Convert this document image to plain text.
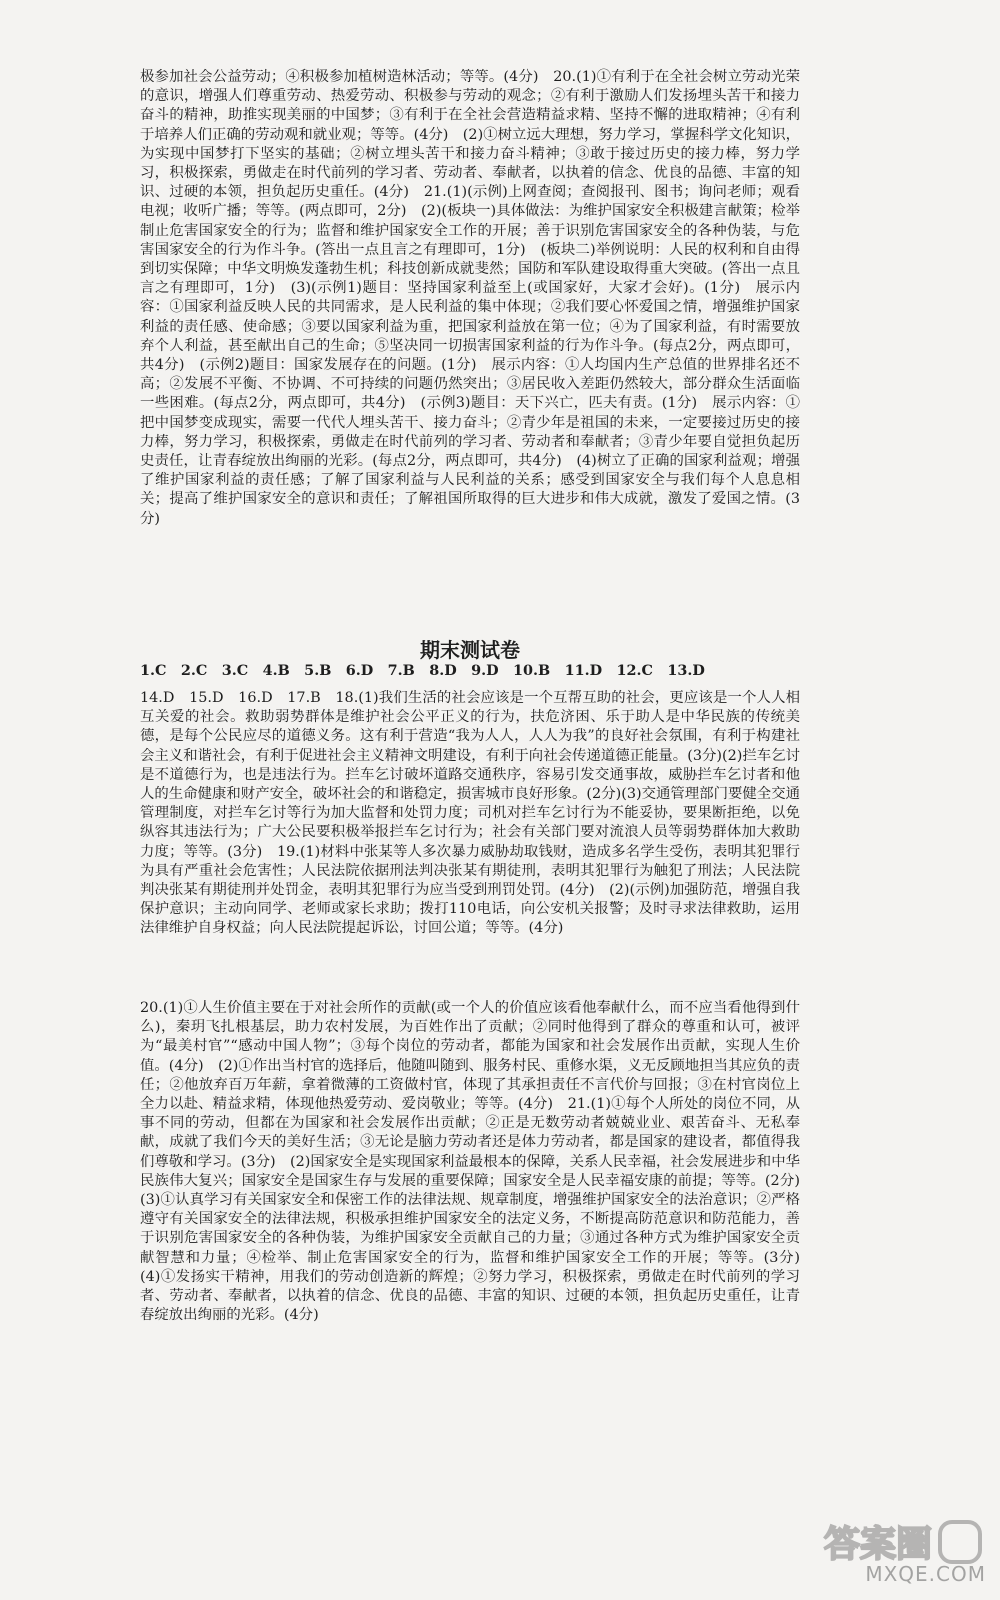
极参加社会公益劳动；④积极参加植树造林活动；等等。(4分)　20.(1)①有利于在全社会树立劳动光荣的意识，增强人们尊重劳动、热爱劳动、积极参与劳动的观念；②有利于激励人们发扬埋头苦干和接力奋斗的精神，助推实现美丽的中国梦；③有利于在全社会营造精益求精、坚持不懈的进取精神；④有利于培养人们正确的劳动观和就业观；等等。(4分)　(2)①树立远大理想，努力学习，掌握科学文化知识，为实现中国梦打下坚实的基础；②树立埋头苦干和接力奋斗精神；③敢于接过历史的接力棒，努力学习，积极探索，勇做走在时代前列的学习者、劳动者、奉献者，以执着的信念、优良的品德、丰富的知识、过硬的本领，担负起历史重任。(4分)　21.(1)(示例)上网查阅；查阅报刊、图书；询问老师；观看电视；收听广播；等等。(两点即可，2分)　(2)(板块一)具体做法：为维护国家安全积极建言献策；检举制止危害国家安全的行为；监督和维护国家安全工作的开展；善于识别危害国家安全的各种伪装，与危害国家安全的行为作斗争。(答出一点且言之有理即可，1分)　(板块二)举例说明：人民的权利和自由得到切实保障；中华文明焕发蓬勃生机；科技创新成就斐然；国防和军队建设取得重大突破。(答出一点且言之有理即可，1分)　(3)(示例1)题目：坚持国家利益至上(或国家好，大家才会好)。(1分)　展示内容：①国家利益反映人民的共同需求，是人民利益的集中体现；②我们要心怀爱国之情，增强维护国家利益的责任感、使命感；③要以国家利益为重，把国家利益放在第一位；④为了国家利益，有时需要放弃个人利益，甚至献出自己的生命；⑤坚决同一切损害国家利益的行为作斗争。(每点2分，两点即可，共4分)　(示例2)题目：国家发展存在的问题。(1分)　展示内容：①人均国内生产总值的世界排名还不高；②发展不平衡、不协调、不可持续的问题仍然突出；③居民收入差距仍然较大，部分群众生活面临一些困难。(每点2分，两点即可，共4分)　(示例3)题目：天下兴亡，匹夫有责。(1分)　展示内容：①把中国梦变成现实，需要一代代人埋头苦干、接力奋斗；②青少年是祖国的未来，一定要接过历史的接力棒，努力学习，积极探索，勇做走在时代前列的学习者、劳动者和奉献者；③青少年要自觉担负起历史责任，让青春绽放出绚丽的光彩。(每点2分，两点即可，共4分)　(4)树立了正确的国家利益观；增强了维护国家利益的责任感；了解了国家利益与人民利益的关系；感受到国家安全与我们每个人息息相关；提高了维护国家安全的意识和责任；了解祖国所取得的巨大进步和伟大成就，激发了爱国之情。(3分)

期末测试卷
1.C　2.C　3.C　4.B　5.B　6.D　7.B　8.D　9.D　10.B　11.D　12.C　13.D

14.D　15.D　16.D　17.B　18.(1)我们生活的社会应该是一个互帮互助的社会，更应该是一个人人相互关爱的社会。救助弱势群体是维护社会公平正义的行为，扶危济困、乐于助人是中华民族的传统美德，是每个公民应尽的道德义务。这有利于营造“我为人人，人人为我”的良好社会氛围，有利于构建社会主义和谐社会，有利于促进社会主义精神文明建设，有利于向社会传递道德正能量。(3分)(2)拦车乞讨是不道德行为，也是违法行为。拦车乞讨破坏道路交通秩序，容易引发交通事故，威胁拦车乞讨者和他人的生命健康和财产安全，破坏社会的和谐稳定，损害城市良好形象。(2分)(3)交通管理部门要健全交通管理制度，对拦车乞讨等行为加大监督和处罚力度；司机对拦车乞讨行为不能妥协，要果断拒绝，以免纵容其违法行为；广大公民要积极举报拦车乞讨行为；社会有关部门要对流浪人员等弱势群体加大救助力度；等等。(3分)　19.(1)材料中张某等人多次暴力威胁劫取钱财，造成多名学生受伤，表明其犯罪行为具有严重社会危害性；人民法院依据刑法判决张某有期徒刑，表明其犯罪行为触犯了刑法；人民法院判决张某有期徒刑并处罚金，表明其犯罪行为应当受到刑罚处罚。(4分)　(2)(示例)加强防范，增强自我保护意识；主动向同学、老师或家长求助；拨打110电话，向公安机关报警；及时寻求法律救助，运用法律维护自身权益；向人民法院提起诉讼，讨回公道；等等。(4分)

20.(1)①人生价值主要在于对社会所作的贡献(或一个人的价值应该看他奉献什么，而不应当看他得到什么)，秦玥飞扎根基层，助力农村发展，为百姓作出了贡献；②同时他得到了群众的尊重和认可，被评为“最美村官”“感动中国人物”；③每个岗位的劳动者，都能为国家和社会发展作出贡献，实现人生价值。(4分)　(2)①作出当村官的选择后，他随叫随到、服务村民、重修水渠，义无反顾地担当其应负的责任；②他放弃百万年薪，拿着微薄的工资做村官，体现了其承担责任不言代价与回报；③在村官岗位上全力以赴、精益求精，体现他热爱劳动、爱岗敬业；等等。(4分)　21.(1)①每个人所处的岗位不同，从事不同的劳动，但都在为国家和社会发展作出贡献；②正是无数劳动者兢兢业业、艰苦奋斗、无私奉献，成就了我们今天的美好生活；③无论是脑力劳动者还是体力劳动者，都是国家的建设者，都值得我们尊敬和学习。(3分)　(2)国家安全是实现国家利益最根本的保障，关系人民幸福，社会发展进步和中华民族伟大复兴；国家安全是国家生存与发展的重要保障；国家安全是人民幸福安康的前提；等等。(2分)　(3)①认真学习有关国家安全和保密工作的法律法规、规章制度，增强维护国家安全的法治意识；②严格遵守有关国家安全的法律法规，积极承担维护国家安全的法定义务，不断提高防范意识和防范能力，善于识别危害国家安全的各种伪装，为维护国家安全贡献自己的力量；③通过各种方式为维护国家安全贡献智慧和力量；④检举、制止危害国家安全的行为，监督和维护国家安全工作的开展；等等。(3分)　(4)①发扬实干精神，用我们的劳动创造新的辉煌；②努力学习，积极探索，勇做走在时代前列的学习者、劳动者、奉献者，以执着的信念、优良的品德、丰富的知识、过硬的本领，担负起历史重任，让青春绽放出绚丽的光彩。(4分)

答案圈
MXQE.COM
